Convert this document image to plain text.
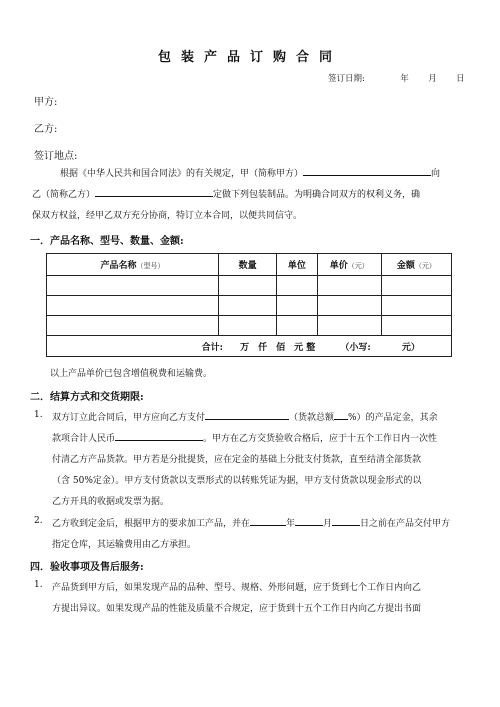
包装产品订购合同
签订日期:	年 月 日
甲方:
乙方:
签订地点:
根据《中华人民共和国合同法》的有关规定，甲（简称甲方）	向
乙（简称乙方）	定做下列包装制品。为明确合同双方的权利义务，确
保双方权益，经甲乙双方充分协商，特订立本合同，以便共同信守。
一．产品名称、型号、数量、金额:
产品名称（型号）	数量	单位	单价（元）	金额（元）

合计: 万　仟　佰　元 整 （小写: 元）				
以上产品单价已包含增值税费和运输费。
二．结算方式和交货期限:
1. 双方订立此合同后，甲方应向乙方支付	（货款总额 %）的产品定金，其余
款项合计人民币	。甲方在乙方交货验收合格后，应于十五个工作日内一次性
付清乙方产品货款。甲方若是分批提货，应在定金的基础上分批支付货款，直至结清全部货款
（含 50%定金）。甲方支付货款以支票形式的以转账凭证为据，甲方支付货款以现金形式的以
乙方开具的收据或发票为据。
2. 乙方收到定金后，根据甲方的要求加工产品，并在	年	月	日之前在产品交付甲方
指定仓库，其运输费用由乙方承担。
四．验收事项及售后服务:
1. 产品货到甲方后，如果发现产品的品种、型号、规格、外形问题，应于货到七个工作日内向乙
方提出异议。如果发现产品的性能及质量不合规定，应于货到十五个工作日内向乙方提出书面
